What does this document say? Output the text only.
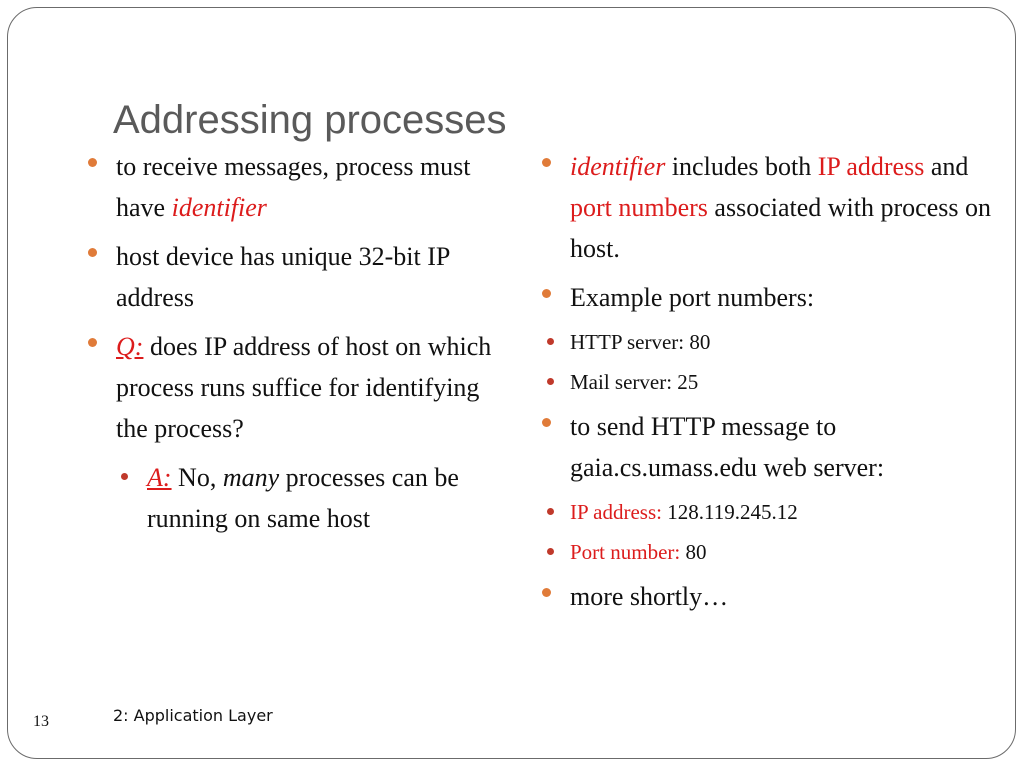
Addressing processes
to receive messages, process must have identifier
host device has unique 32-bit IP address
Q: does IP address of host on which process runs suffice for identifying the process?
A: No, many processes can be running on same host
identifier includes both IP address and port numbers associated with process on host.
Example port numbers:
HTTP server: 80
Mail server: 25
to send HTTP message to gaia.cs.umass.edu web server:
IP address: 128.119.245.12
Port number: 80
more shortly…
13	2: Application Layer
